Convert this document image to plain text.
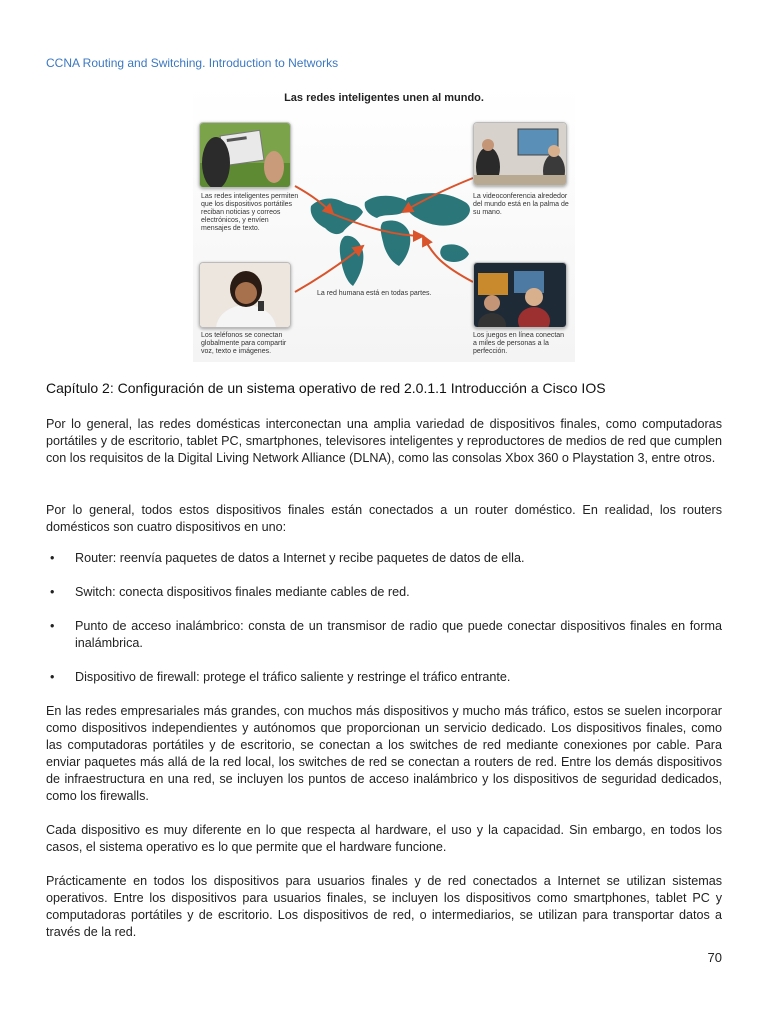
CCNA Routing and Switching. Introduction to Networks
Las redes inteligentes unen al mundo.
Las redes inteligentes permiten que los dispositivos portátiles reciban noticias y correos electrónicos, y envíen mensajes de texto.
La videoconferencia alrededor del mundo está en la palma de su mano.
Los teléfonos se conectan globalmente para compartir voz, texto e imágenes.
La red humana está en todas partes.
Los juegos en línea conectan a miles de personas a la perfección.
Capítulo 2: Configuración de un sistema operativo de red 2.0.1.1 Introducción a Cisco IOS

Por lo general, las redes domésticas interconectan una amplia variedad de dispositivos finales, como computadoras portátiles y de escritorio, tablet PC, smartphones, televisores inteligentes y reproductores de medios de red que cumplen con los requisitos de la Digital Living Network Alliance (DLNA), como las consolas Xbox 360 o Playstation 3, entre otros.

Por lo general, todos estos dispositivos finales están conectados a un router doméstico. En realidad, los routers domésticos son cuatro dispositivos en uno:

• Router: reenvía paquetes de datos a Internet y recibe paquetes de datos de ella.
• Switch: conecta dispositivos finales mediante cables de red.
• Punto de acceso inalámbrico: consta de un transmisor de radio que puede conectar dispositivos finales en forma inalámbrica.
• Dispositivo de firewall: protege el tráfico saliente y restringe el tráfico entrante.

En las redes empresariales más grandes, con muchos más dispositivos y mucho más tráfico, estos se suelen incorporar como dispositivos independientes y autónomos que proporcionan un servicio dedicado. Los dispositivos finales, como las computadoras portátiles y de escritorio, se conectan a los switches de red mediante conexiones por cable. Para enviar paquetes más allá de la red local, los switches de red se conectan a routers de red. Entre los demás dispositivos de infraestructura en una red, se incluyen los puntos de acceso inalámbrico y los dispositivos de seguridad dedicados, como los firewalls.

Cada dispositivo es muy diferente en lo que respecta al hardware, el uso y la capacidad. Sin embargo, en todos los casos, el sistema operativo es lo que permite que el hardware funcione.

Prácticamente en todos los dispositivos para usuarios finales y de red conectados a Internet se utilizan sistemas operativos. Entre los dispositivos para usuarios finales, se incluyen los dispositivos como smartphones, tablet PC y computadoras portátiles y de escritorio. Los dispositivos de red, o intermediarios, se utilizan para transportar datos a través de la red.

70
